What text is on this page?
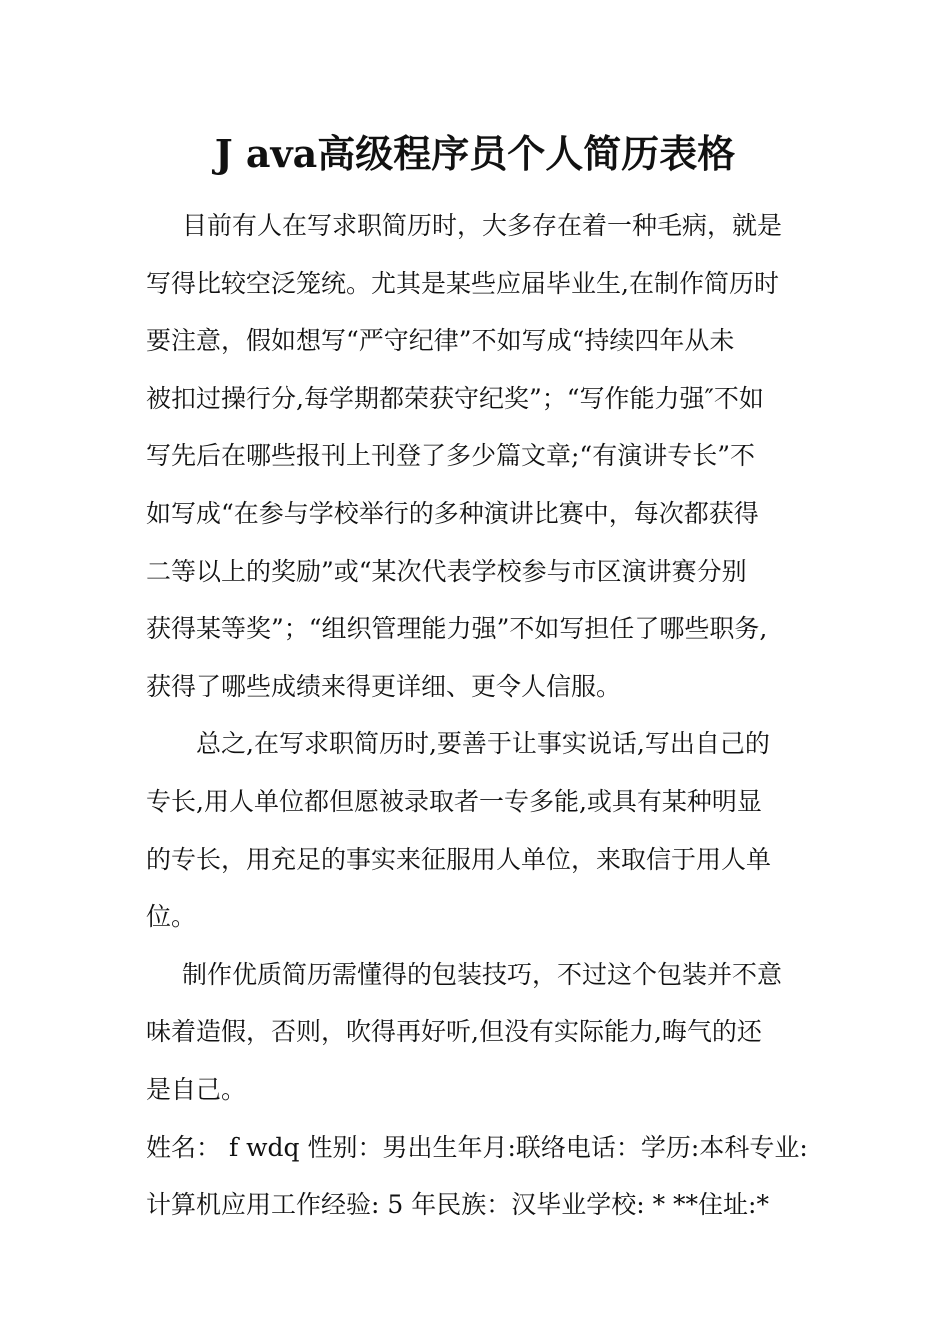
J ava高级程序员个人简历表格
目前有人在写求职简历时，大多存在着一种毛病，就是
写得比较空泛笼统。尤其是某些应届毕业生,在制作简历时
要注意，假如想写“严守纪律”不如写成“持续四年从未
被扣过操行分,每学期都荣获守纪奖”；“写作能力强″不如
写先后在哪些报刊上刊登了多少篇文章;“有演讲专长”不
如写成“在参与学校举行的多种演讲比赛中，每次都获得
二等以上的奖励”或“某次代表学校参与市区演讲赛分别
获得某等奖”；“组织管理能力强”不如写担任了哪些职务,
获得了哪些成绩来得更详细、更令人信服。
总之,在写求职简历时,要善于让事实说话,写出自己的
专长,用人单位都但愿被录取者一专多能,或具有某种明显
的专长，用充足的事实来征服用人单位，来取信于用人单
位。
制作优质简历需懂得的包装技巧，不过这个包装并不意
味着造假，否则，吹得再好听,但没有实际能力,晦气的还
是自己。
姓名： f wdq 性别：男出生年月:联络电话：学历:本科专业:
计算机应用工作经验: 5 年民族：汉毕业学校: * **住址:*
